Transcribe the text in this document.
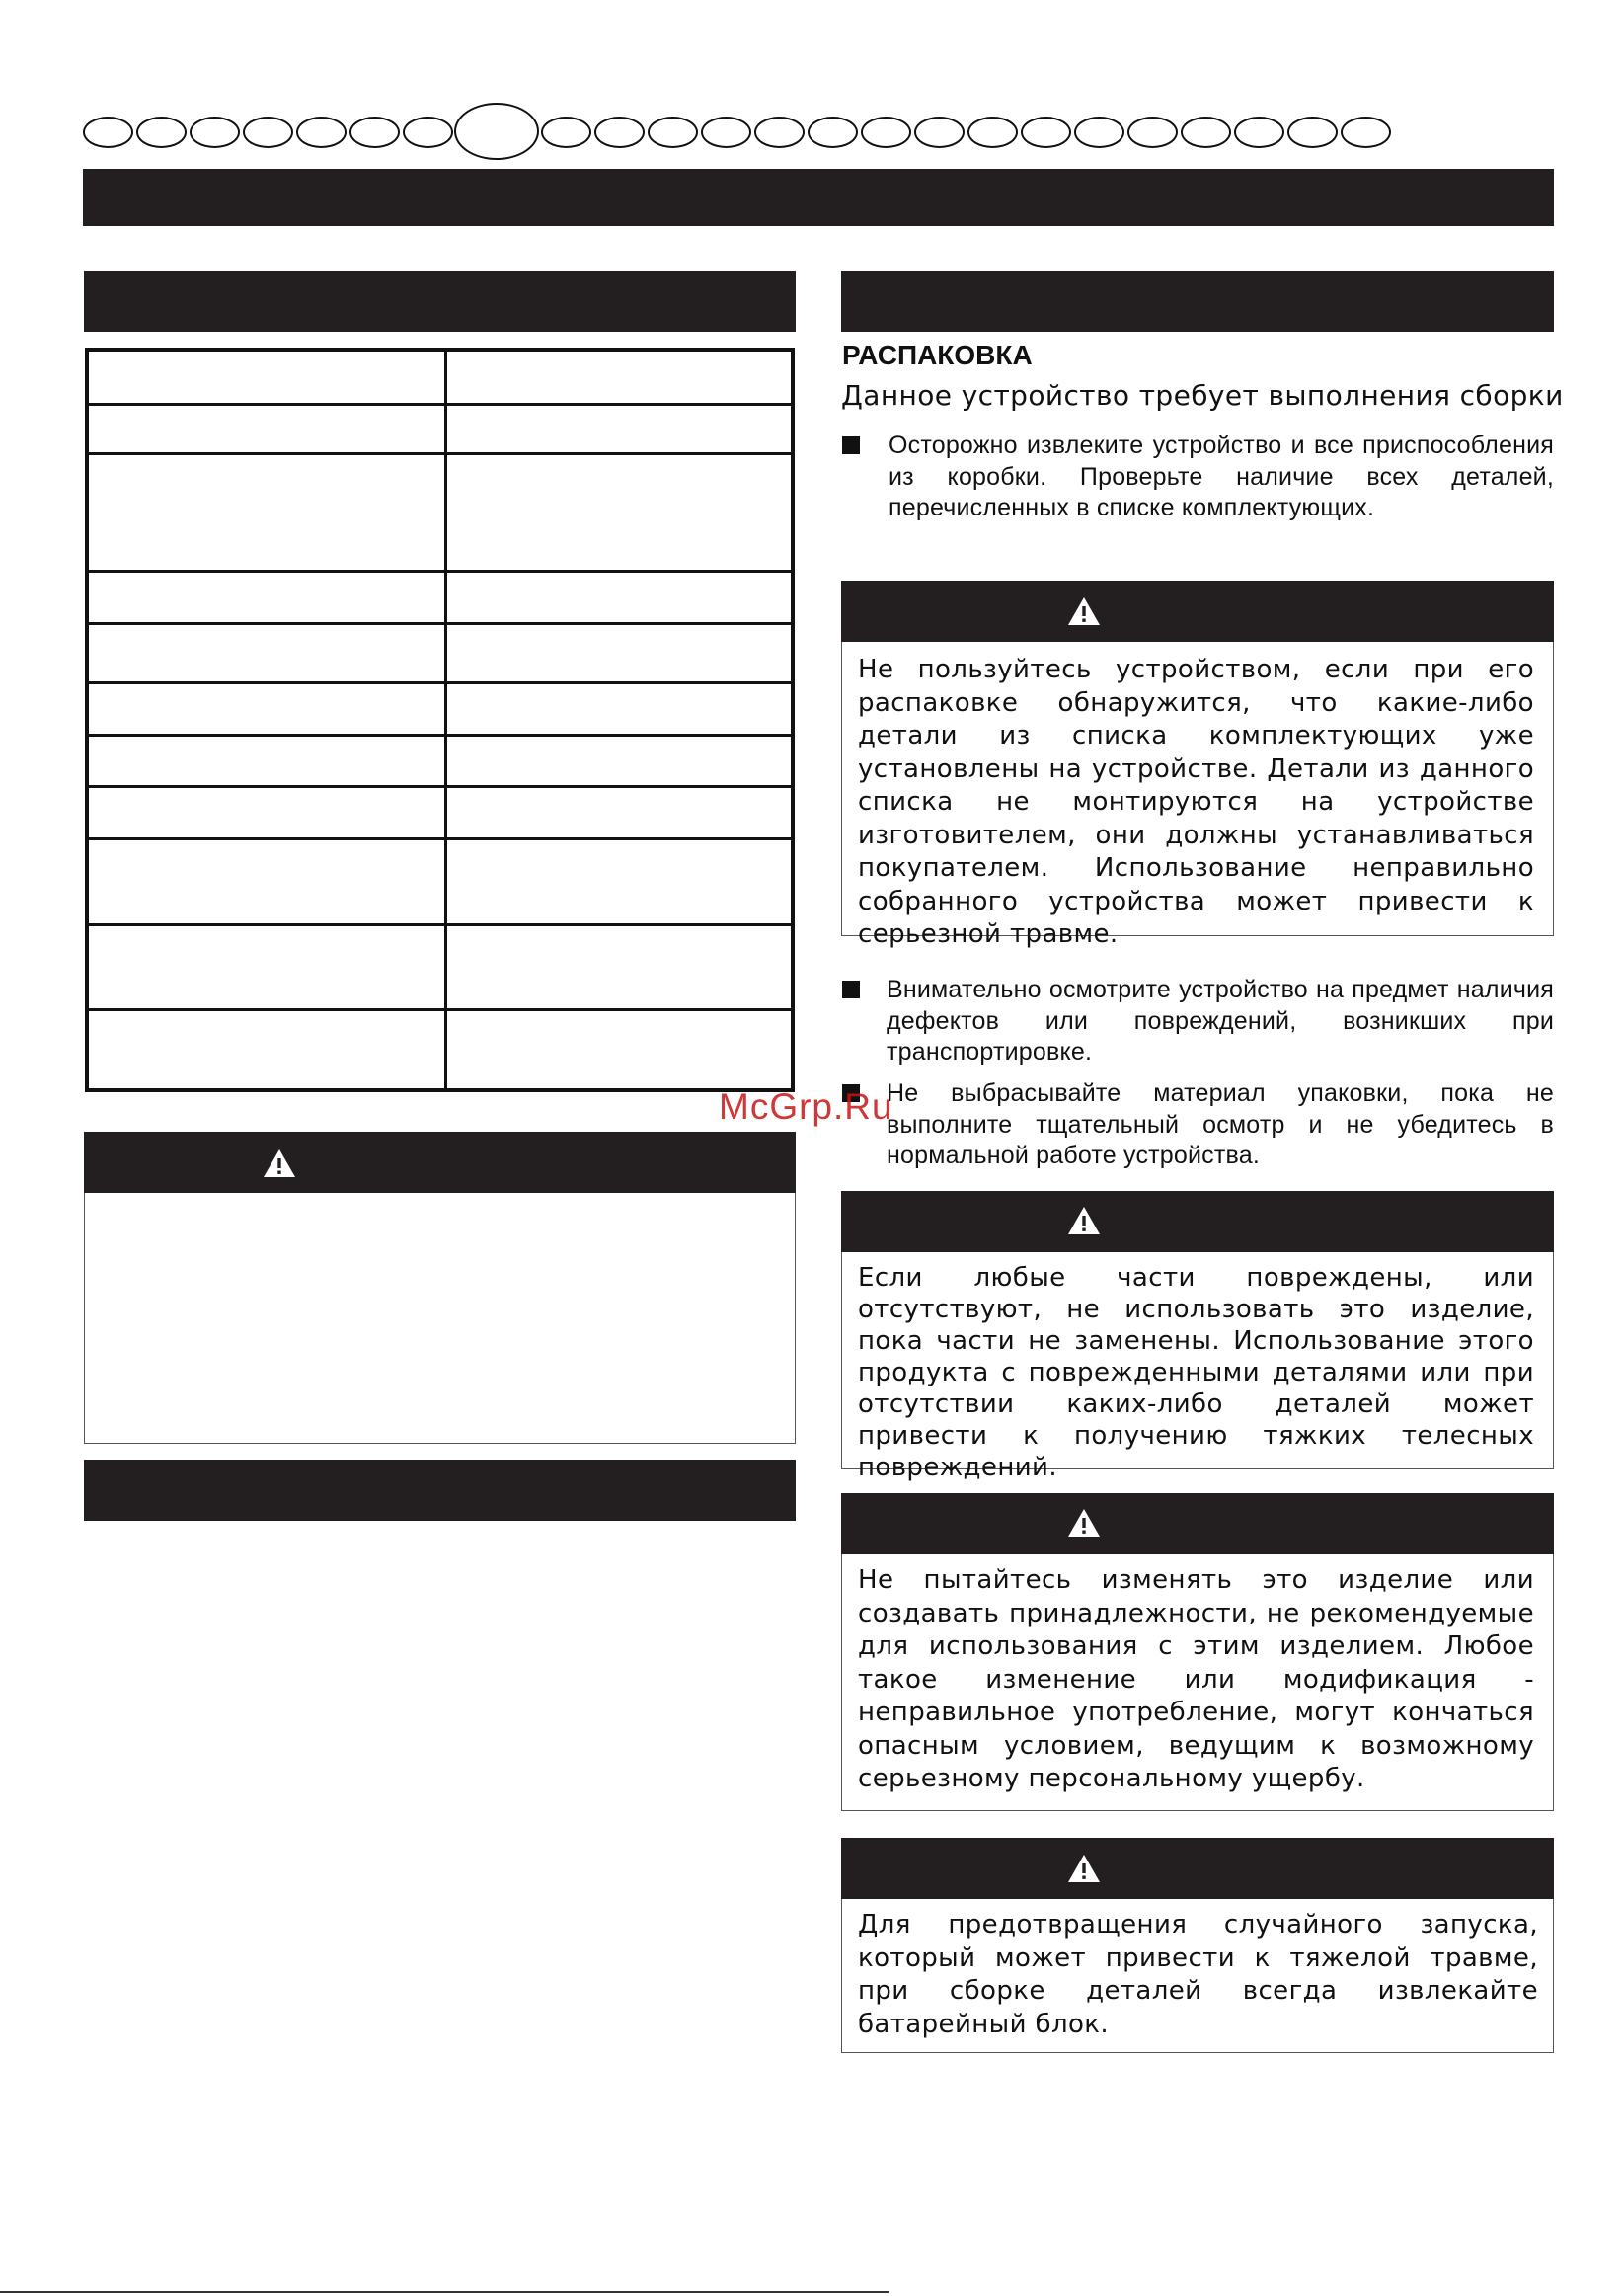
РАСПАКОВКА
Данное устройство требует выполнения сборки

Осторожно извлеките устройство и все приспособления из коробки. Проверьте наличие всех деталей, перечисленных в списке комплектующих.

Не пользуйтесь устройством, если при его распаковке обнаружится, что какие-либо детали из списка комплектующих уже установлены на устройстве. Детали из данного списка не монтируются на устройстве изготовителем, они должны устанавливаться покупателем. Использование неправильно собранного устройства может привести к серьезной травме.

Внимательно осмотрите устройство на предмет наличия дефектов или повреждений, возникших при транспортировке.

Не выбрасывайте материал упаковки, пока не выполните тщательный осмотр и не убедитесь в нормальной работе устройства.

Если любые части повреждены, или отсутствуют, не использовать это изделие, пока части не заменены. Использование этого продукта с поврежденными деталями или при отсутствии каких-либо деталей может привести к получению тяжких телесных повреждений.

Не пытайтесь изменять это изделие или создавать принадлежности, не рекомендуемые для использования с этим изделием. Любое такое изменение или модификация - неправильное употребление, могут кончаться опасным условием, ведущим к возможному серьезному персональному ущербу.

Для предотвращения случайного запуска, который может привести к тяжелой травме, при сборке деталей всегда извлекайте батарейный блок.

McGrp.Ru
